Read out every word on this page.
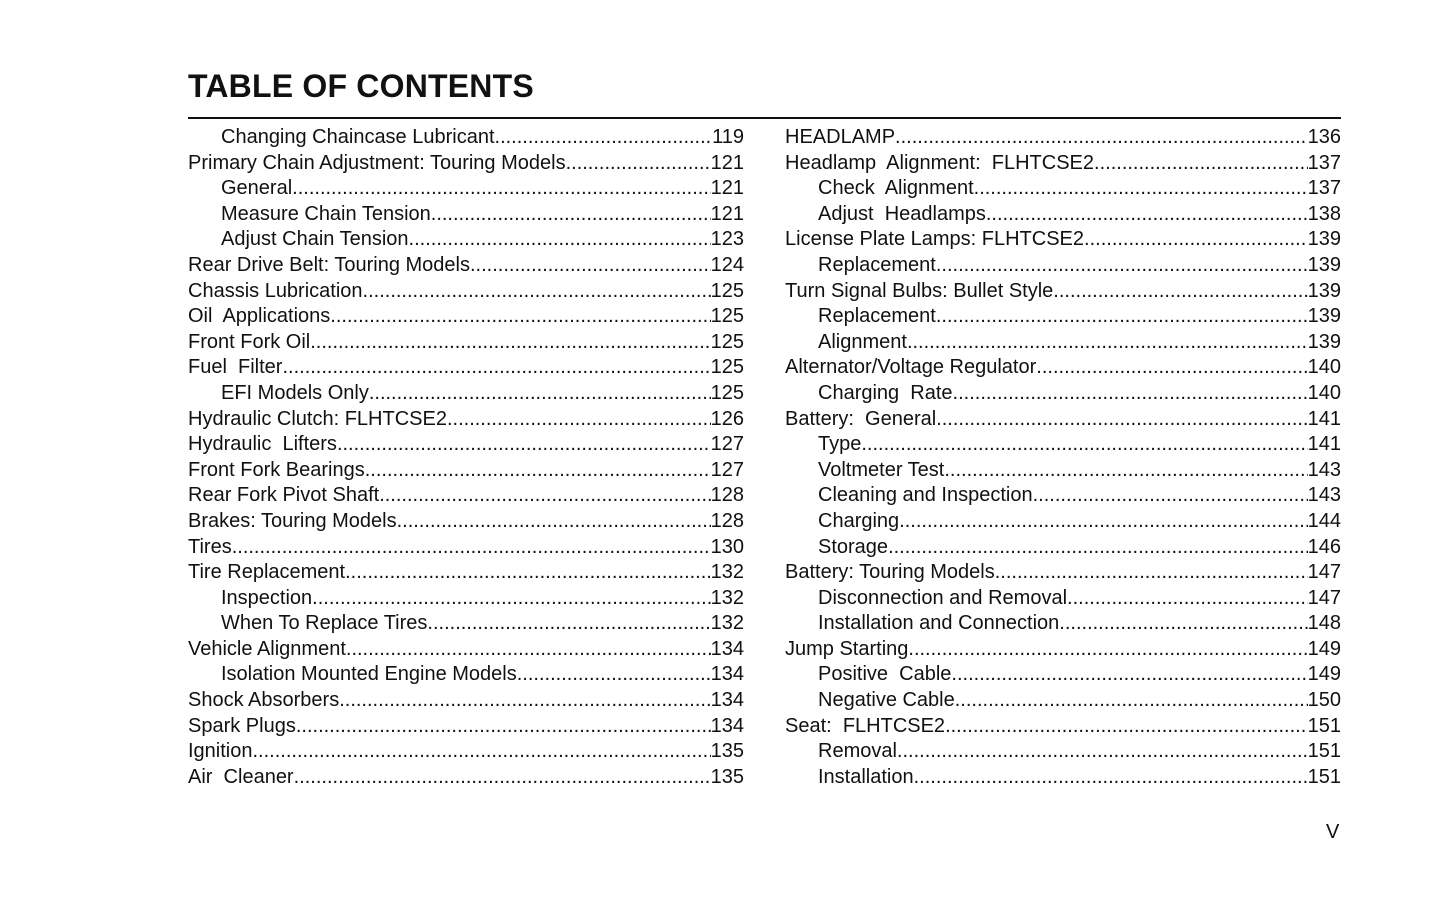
TABLE OF CONTENTS
Changing Chaincase Lubricant .....	119
Primary Chain Adjustment: Touring Models .....	121
General .....	121
Measure Chain Tension .....	121
Adjust Chain Tension .....	123
Rear Drive Belt: Touring Models .....	124
Chassis Lubrication .....	125
Oil  Applications .....	125
Front Fork Oil .....	125
Fuel  Filter .....	125
EFI Models Only .....	125
Hydraulic Clutch: FLHTCSE2 .....	126
Hydraulic  Lifters .....	127
Front Fork Bearings .....	127
Rear Fork Pivot Shaft .....	128
Brakes: Touring Models .....	128
Tires .....	130
Tire Replacement .....	132
Inspection .....	132
When To Replace Tires .....	132
Vehicle Alignment .....	134
Isolation Mounted Engine Models .....	134
Shock Absorbers .....	134
Spark Plugs .....	134
Ignition .....	135
Air  Cleaner .....	135
HEADLAMP .....	136
Headlamp  Alignment:  FLHTCSE2 .....	137
Check  Alignment .....	137
Adjust  Headlamps .....	138
License Plate Lamps: FLHTCSE2 .....	139
Replacement .....	139
Turn Signal Bulbs: Bullet Style .....	139
Replacement .....	139
Alignment .....	139
Alternator/Voltage Regulator .....	140
Charging  Rate .....	140
Battery:  General .....	141
Type .....	141
Voltmeter Test .....	143
Cleaning and Inspection .....	143
Charging .....	144
Storage .....	146
Battery: Touring Models .....	147
Disconnection and Removal .....	147
Installation and Connection .....	148
Jump Starting .....	149
Positive  Cable .....	149
Negative Cable .....	150
Seat:  FLHTCSE2 .....	151
Removal .....	151
Installation .....	151
V
